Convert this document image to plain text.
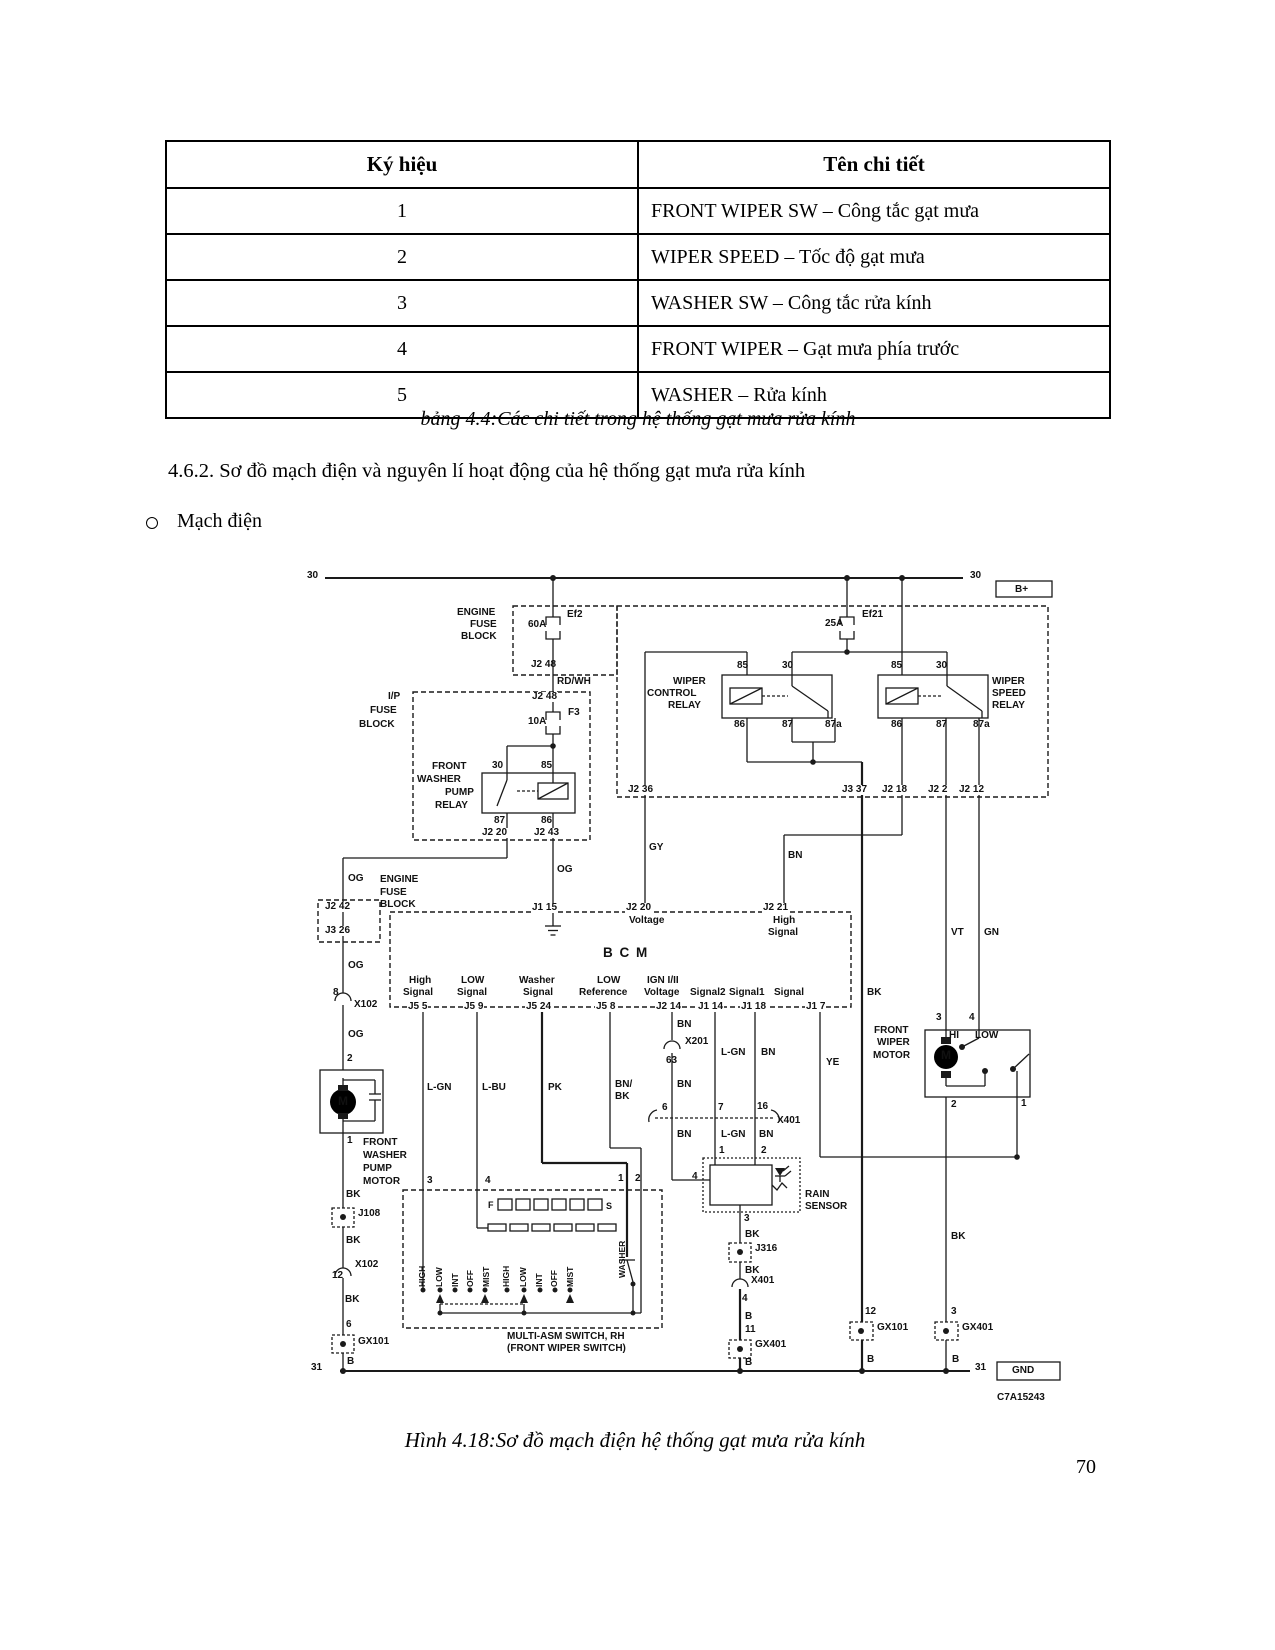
Ký hiệu	Tên chi tiết
1	FRONT WIPER SW – Công tắc gạt mưa
2	WIPER SPEED – Tốc độ gạt mưa
3	WASHER SW – Công tắc rửa kính
4	FRONT WIPER – Gạt mưa phía trước
5	WASHER – Rửa kính
bảng 4.4:Các chi tiết trong hệ thống gạt mưa rửa kính
4.6.2. Sơ đồ mạch điện và nguyên lí hoạt động của hệ thống gạt mưa rửa kính
Mạch điện
30	30
B+
Ef2
60A
Ef21
25A
ENGINE
FUSE
BLOCK
J2 48
RD/WH
J2 48
I/P
FUSE
BLOCK
F3
10A
FRONT
WASHER
PUMP
RELAY
30	85
87	86
J2 20	J2 43
WIPER
CONTROL
RELAY
85	30
86	87	87a
WIPER
SPEED
RELAY
85	30
86	87	87a
J2 36	J3 37 J2 18 J2 2 J2 12
GY
BN
OG
OG ENGINE
FUSE
BLOCK
J2 42
J3 26
OG
8
X102
OG
2
M
1 FRONT
WASHER
PUMP
MOTOR
BK
J108
BK
X102
12
BK
6
GX101
B
31	31	GND
C7A15243
J1 15	J2 20
Voltage
J2 21
High
Signal
B C M
High
Signal
LOW
Signal
Washer
Signal
LOW
Reference
IGN I/II
Voltage Signal2 Signal1 Signal
J5 5	J5 9	J5 24	J5 8	J2 14 J1 14 J1 18	J1 7
BK
VT GN
L-GN	L-BU	PK	BN/
BK
BN
X201
63
BN
L-GN BN
6	7	16
X401
BN	L-GN BN
1	2
4
RAIN
SENSOR
3
BK
J316
BK
X401
4
B
11
GX401
B
12
GX101
B
3
GX401
B
YE
BK
FRONT
WIPER
MOTOR
3	4
HI LOW
M
2	1
3	4	1 2
F	S
HIGH LOW INT OFF MIST HIGH LOW INT OFF MIST	WASHER
MULTI-ASM SWITCH, RH
(FRONT WIPER SWITCH)
Hình 4.18:Sơ đồ mạch điện hệ thống gạt mưa rửa kính
70
